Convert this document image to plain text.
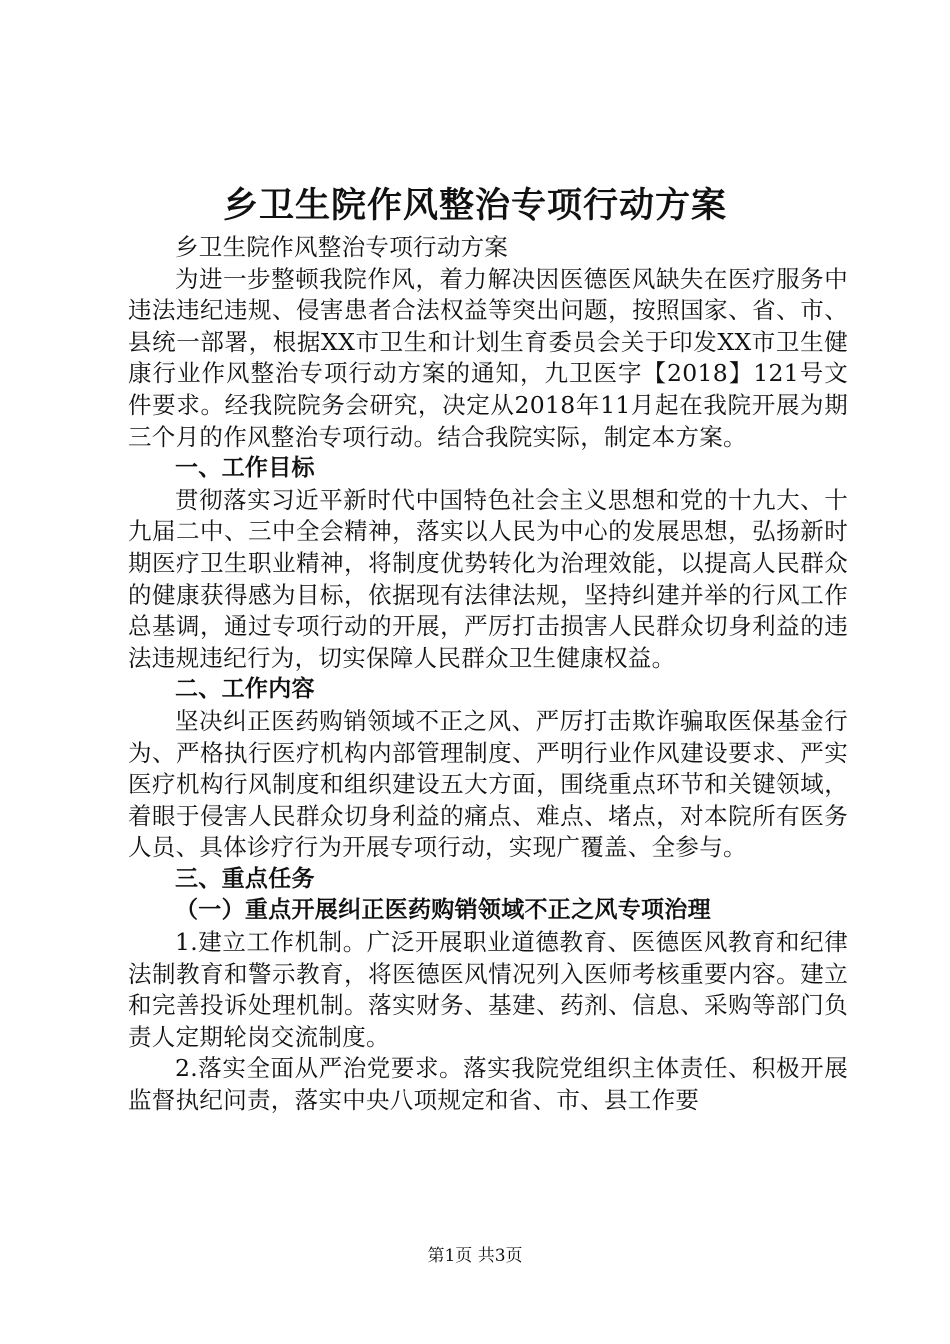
乡卫生院作风整治专项行动方案

乡卫生院作风整治专项行动方案

为进一步整顿我院作风，着力解决因医德医风缺失在医疗服务中违法违纪违规、侵害患者合法权益等突出问题，按照国家、省、市、县统一部署，根据XX市卫生和计划生育委员会关于印发XX市卫生健康行业作风整治专项行动方案的通知，九卫医字【2018】121号文件要求。经我院院务会研究，决定从2018年11月起在我院开展为期三个月的作风整治专项行动。结合我院实际，制定本方案。

一、工作目标

贯彻落实习近平新时代中国特色社会主义思想和党的十九大、十九届二中、三中全会精神，落实以人民为中心的发展思想，弘扬新时期医疗卫生职业精神，将制度优势转化为治理效能，以提高人民群众的健康获得感为目标，依据现有法律法规，坚持纠建并举的行风工作总基调，通过专项行动的开展，严厉打击损害人民群众切身利益的违法违规违纪行为，切实保障人民群众卫生健康权益。

二、工作内容

坚决纠正医药购销领域不正之风、严厉打击欺诈骗取医保基金行为、严格执行医疗机构内部管理制度、严明行业作风建设要求、严实医疗机构行风制度和组织建设五大方面，围绕重点环节和关键领域，着眼于侵害人民群众切身利益的痛点、难点、堵点，对本院所有医务人员、具体诊疗行为开展专项行动，实现广覆盖、全参与。

三、重点任务

（一）重点开展纠正医药购销领域不正之风专项治理

1.建立工作机制。广泛开展职业道德教育、医德医风教育和纪律法制教育和警示教育，将医德医风情况列入医师考核重要内容。建立和完善投诉处理机制。落实财务、基建、药剂、信息、采购等部门负责人定期轮岗交流制度。

2.落实全面从严治党要求。落实我院党组织主体责任、积极开展监督执纪问责，落实中央八项规定和省、市、县工作要

第1页 共3页
